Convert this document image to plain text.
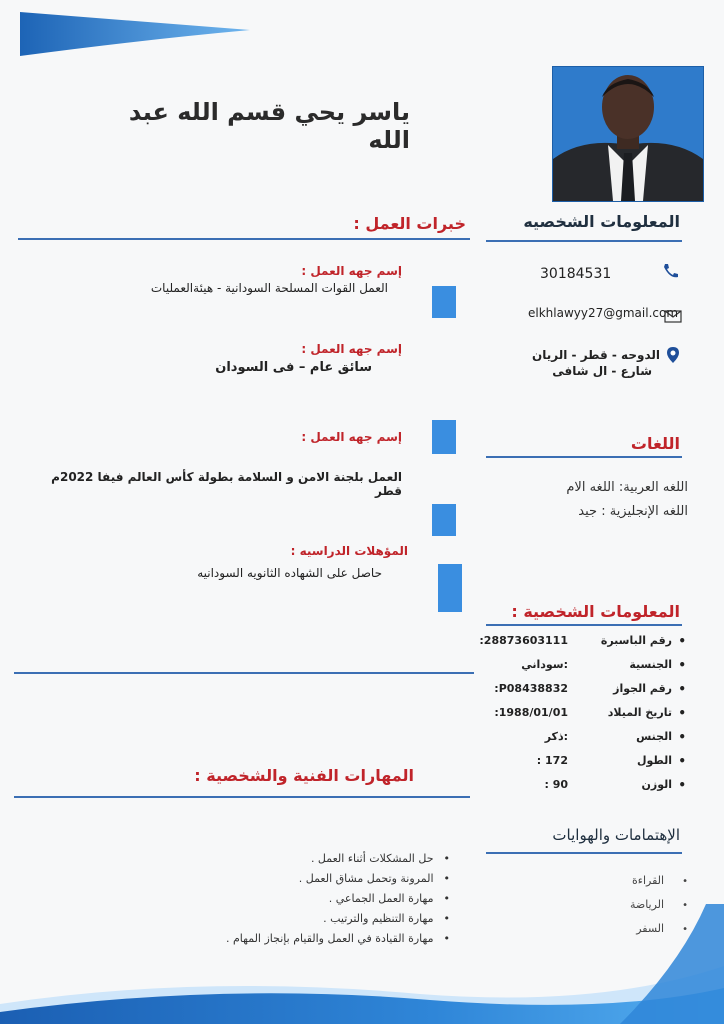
ياسر يحي قسم الله عبد الله
المعلومات الشخصيه
خبرات العمل :
30184531
elkhlawyy27@gmail.com
الدوحه - قطر - الريان
شارع - ال شافى
اللغات
اللغه العربية: اللغه الام
اللغه الإنجليزية : جيد
إسم جهه العمل :
العمل القوات المسلحة السودانية - هيئةالعمليات
إسم جهه العمل :
سائق عام – فى السودان
إسم جهه العمل :
العمل بلجنة الامن و السلامة بطولة كأس العالم فيفا 2022م قطر
المؤهلات الدراسيه :
حاصل على الشهاده الثانويه السودانيه
المعلومات الشخصية :
•
رقم الباسبرة
28873603111:
•
الجنسية
:سوداني
•
رقم الجواز
P08438832:
•
تاريخ الميلاد
1988/01/01:
•
الجنس
:ذكر
•
الطول
172 :
•
الوزن
90 :
المهارات الفنية والشخصية :
•حل المشكلات أثناء العمل .
•المرونة وتحمل مشاق العمل .
•مهارة العمل الجماعي .
•مهارة التنظيم والترتيب .
•مهارة القيادة في العمل والقيام بإنجاز المهام .
الإهتمامات والهوايات
•القراءة
•الرياضة
•السفر
